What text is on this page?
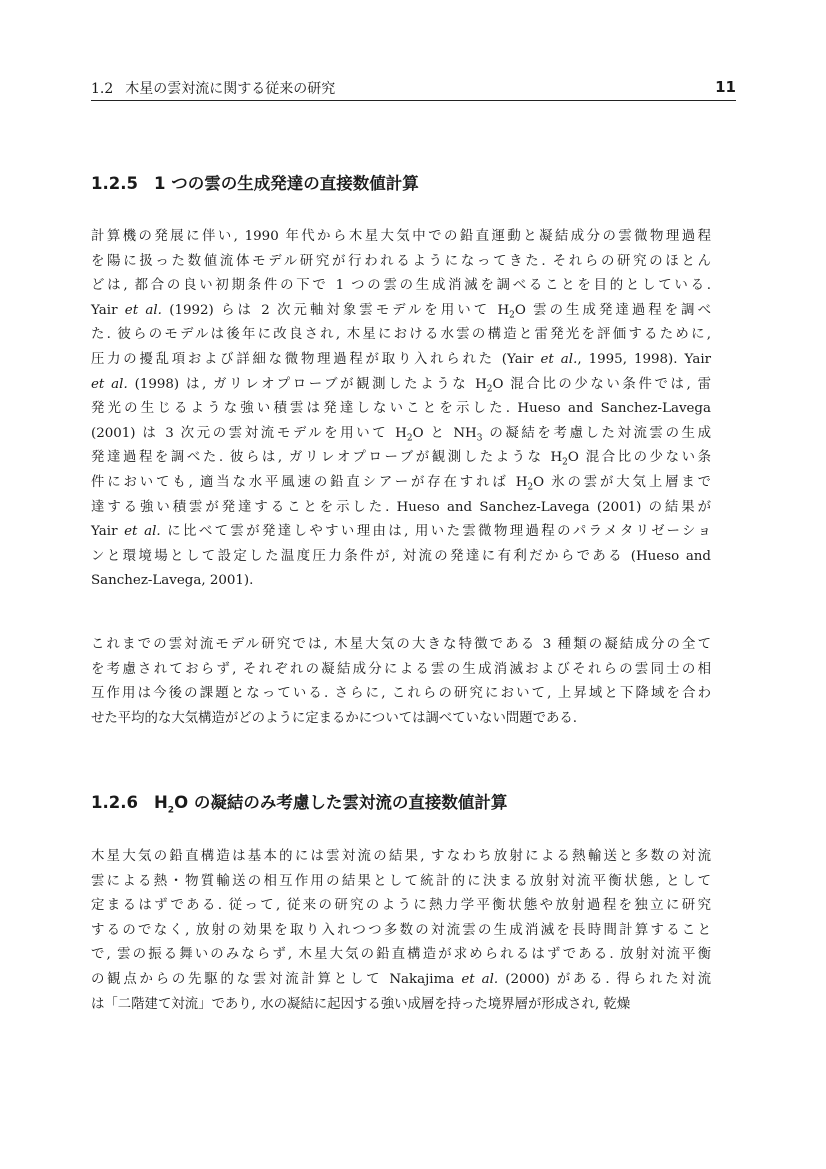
1.2 木星の雲対流に関する従来の研究	11
1.2.5 1 つの雲の生成発達の直接数値計算

計算機の発展に伴い, 1990 年代から木星大気中での鉛直運動と凝結成分の雲微物理過程
を陽に扱った数値流体モデル研究が行われるようになってきた. それらの研究のほとん
どは, 都合の良い初期条件の下で 1 つの雲の生成消滅を調べることを目的としている.
Yair et al. (1992) らは 2 次元軸対象雲モデルを用いて $H_2O$ 雲の生成発達過程を調べ
た. 彼らのモデルは後年に改良され, 木星における水雲の構造と雷発光を評価するために,
圧力の擾乱項および詳細な微物理過程が取り入れられた (Yair et al., 1995, 1998). Yair
et al. (1998) は, ガリレオプローブが観測したような $H_2O$ 混合比の少ない条件では, 雷
発光の生じるような強い積雲は発達しないことを示した. Hueso and Sanchez-Lavega
(2001) は 3 次元の雲対流モデルを用いて $H_2O$ と $NH_3$ の凝結を考慮した対流雲の生成
発達過程を調べた. 彼らは, ガリレオプローブが観測したような $H_2O$ 混合比の少ない条
件においても, 適当な水平風速の鉛直シアーが存在すれば $H_2O$ 氷の雲が大気上層まで
達する強い積雲が発達することを示した. Hueso and Sanchez-Lavega (2001) の結果が
Yair et al. に比べて雲が発達しやすい理由は, 用いた雲微物理過程のパラメタリゼーショ
ンと環境場として設定した温度圧力条件が, 対流の発達に有利だからである (Hueso and
Sanchez-Lavega, 2001).

これまでの雲対流モデル研究では, 木星大気の大きな特徴である 3 種類の凝結成分の全て
を考慮されておらず, それぞれの凝結成分による雲の生成消滅およびそれらの雲同士の相
互作用は今後の課題となっている. さらに, これらの研究において, 上昇域と下降域を合わ
せた平均的な大気構造がどのように定まるかについては調べていない問題である.

1.2.6 $H_2O$ の凝結のみ考慮した雲対流の直接数値計算

木星大気の鉛直構造は基本的には雲対流の結果, すなわち放射による熱輸送と多数の対流
雲による熱・物質輸送の相互作用の結果として統計的に決まる放射対流平衡状態, として
定まるはずである. 従って, 従来の研究のように熱力学平衡状態や放射過程を独立に研究
するのでなく, 放射の効果を取り入れつつ多数の対流雲の生成消滅を長時間計算すること
で, 雲の振る舞いのみならず, 木星大気の鉛直構造が求められるはずである. 放射対流平衡
の観点からの先駆的な雲対流計算として Nakajima et al. (2000) がある. 得られた対流
は「二階建て対流」であり, 水の凝結に起因する強い成層を持った境界層が形成され, 乾燥
